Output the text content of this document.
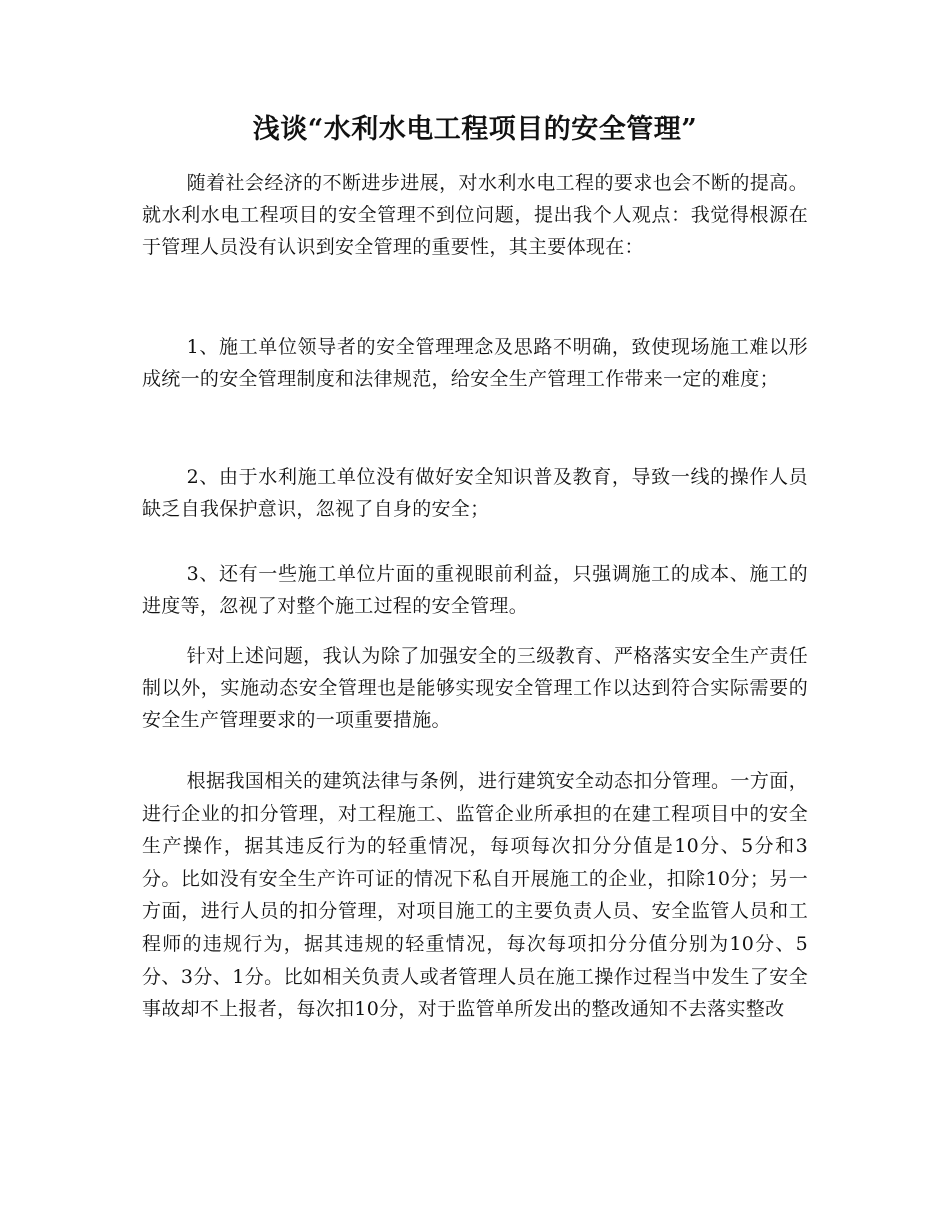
浅谈“水利水电工程项目的安全管理”

随着社会经济的不断进步进展，对水利水电工程的要求也会不断的提高。就水利水电工程项目的安全管理不到位问题，提出我个人观点：我觉得根源在于管理人员没有认识到安全管理的重要性，其主要体现在：

1、施工单位领导者的安全管理理念及思路不明确，致使现场施工难以形成统一的安全管理制度和法律规范，给安全生产管理工作带来一定的难度；

2、由于水利施工单位没有做好安全知识普及教育，导致一线的操作人员缺乏自我保护意识，忽视了自身的安全；

3、还有一些施工单位片面的重视眼前利益，只强调施工的成本、施工的进度等，忽视了对整个施工过程的安全管理。

针对上述问题，我认为除了加强安全的三级教育、严格落实安全生产责任制以外，实施动态安全管理也是能够实现安全管理工作以达到符合实际需要的安全生产管理要求的一项重要措施。

根据我国相关的建筑法律与条例，进行建筑安全动态扣分管理。一方面，进行企业的扣分管理，对工程施工、监管企业所承担的在建工程项目中的安全生产操作，据其违反行为的轻重情况，每项每次扣分分值是10分、5分和3分。比如没有安全生产许可证的情况下私自开展施工的企业，扣除10分；另一方面，进行人员的扣分管理，对项目施工的主要负责人员、安全监管人员和工程师的违规行为，据其违规的轻重情况，每次每项扣分分值分别为10分、5分、3分、1分。比如相关负责人或者管理人员在施工操作过程当中发生了安全事故却不上报者，每次扣10分，对于监管单所发出的整改通知不去落实整改
